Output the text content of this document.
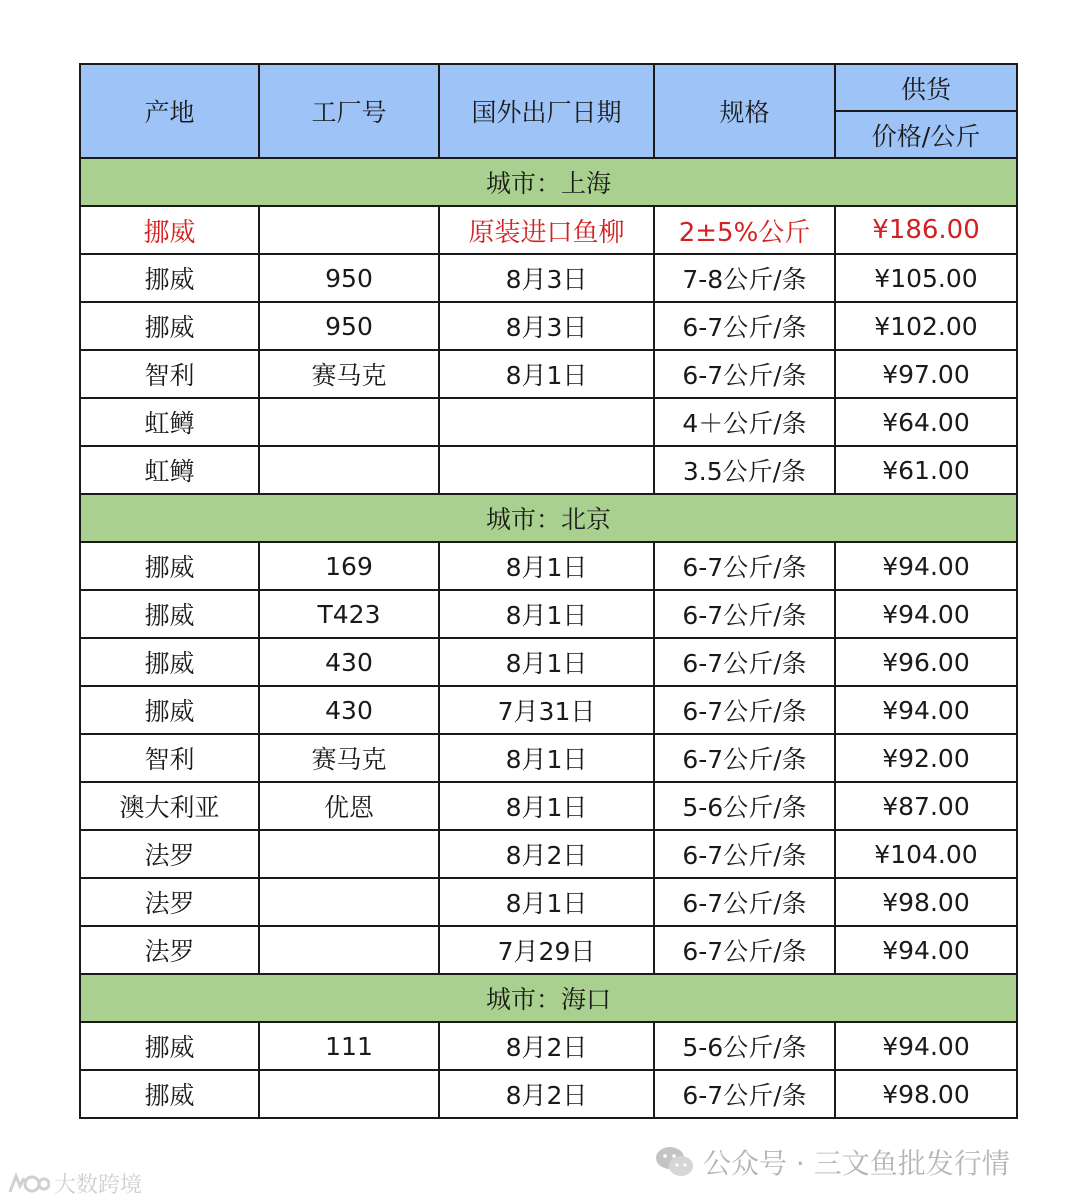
产地	工厂号	国外出厂日期	规格	供货
				价格/公斤
城市：上海				
挪威		原装进口鱼柳	2±5%公斤	¥186.00
挪威	950	8月3日	7-8公斤/条	¥105.00
挪威	950	8月3日	6-7公斤/条	¥102.00
智利	赛马克	8月1日	6-7公斤/条	¥97.00
虹鳟			4＋公斤/条	¥64.00
虹鳟			3.5公斤/条	¥61.00
城市：北京				
挪威	169	8月1日	6-7公斤/条	¥94.00
挪威	T423	8月1日	6-7公斤/条	¥94.00
挪威	430	8月1日	6-7公斤/条	¥96.00
挪威	430	7月31日	6-7公斤/条	¥94.00
智利	赛马克	8月1日	6-7公斤/条	¥92.00
澳大利亚	优恩	8月1日	5-6公斤/条	¥87.00
法罗		8月2日	6-7公斤/条	¥104.00
法罗		8月1日	6-7公斤/条	¥98.00
法罗		7月29日	6-7公斤/条	¥94.00
城市：海口				
挪威	111	8月2日	5-6公斤/条	¥94.00
挪威		8月2日	6-7公斤/条	¥98.00
公众号 · 三文鱼批发行情
大数跨境
